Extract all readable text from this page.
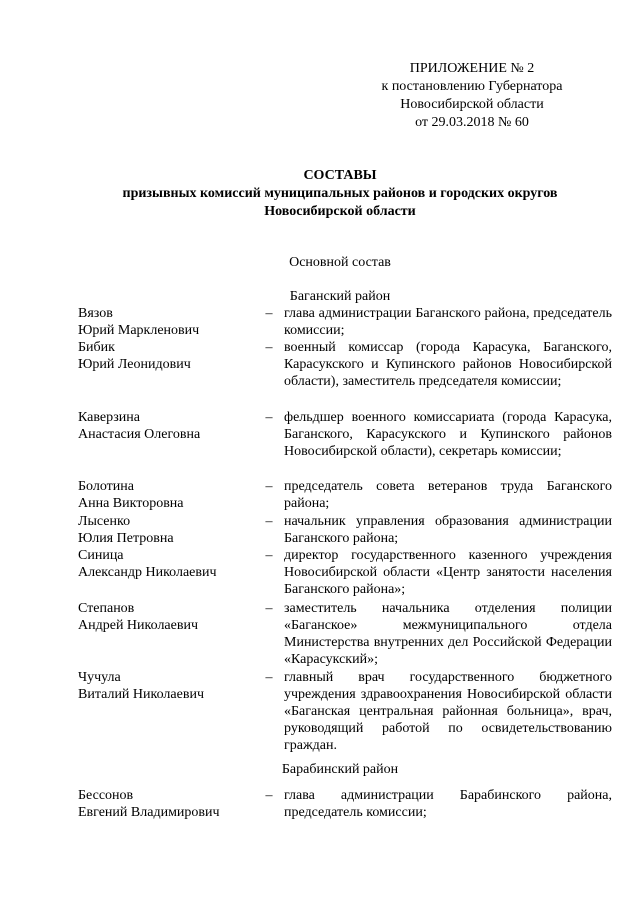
ПРИЛОЖЕНИЕ № 2
к постановлению Губернатора
Новосибирской области
от 29.03.2018 № 60
СОСТАВЫ
призывных комиссий муниципальных районов и городских округов
Новосибирской области
Основной состав
Баганский район
Вязов
Юрий Маркленович
– глава администрации Баганского района, председатель комиссии;
Бибик
Юрий Леонидович
– военный комиссар (города Карасука, Баганского, Карасукского и Купинского районов Новосибирской области), заместитель председателя комиссии;
Каверзина
Анастасия Олеговна
– фельдшер военного комиссариата (города Карасука, Баганского, Карасукского и Купинского районов Новосибирской области), секретарь комиссии;
Болотина
Анна Викторовна
– председатель совета ветеранов труда Баганского района;
Лысенко
Юлия Петровна
– начальник управления образования администрации Баганского района;
Синица
Александр Николаевич
– директор государственного казенного учреждения Новосибирской области «Центр занятости населения Баганского района»;
Степанов
Андрей Николаевич
– заместитель начальника отделения полиции «Баганское» межмуниципального отдела Министерства внутренних дел Российской Федерации «Карасукский»;
Чучула
Виталий Николаевич
– главный врач государственного бюджетного учреждения здравоохранения Новосибирской области «Баганская центральная районная больница», врач, руководящий работой по освидетельствованию граждан.
Бессонов
Евгений Владимирович
– глава администрации Барабинского района, председатель комиссии;
Барабинский район
